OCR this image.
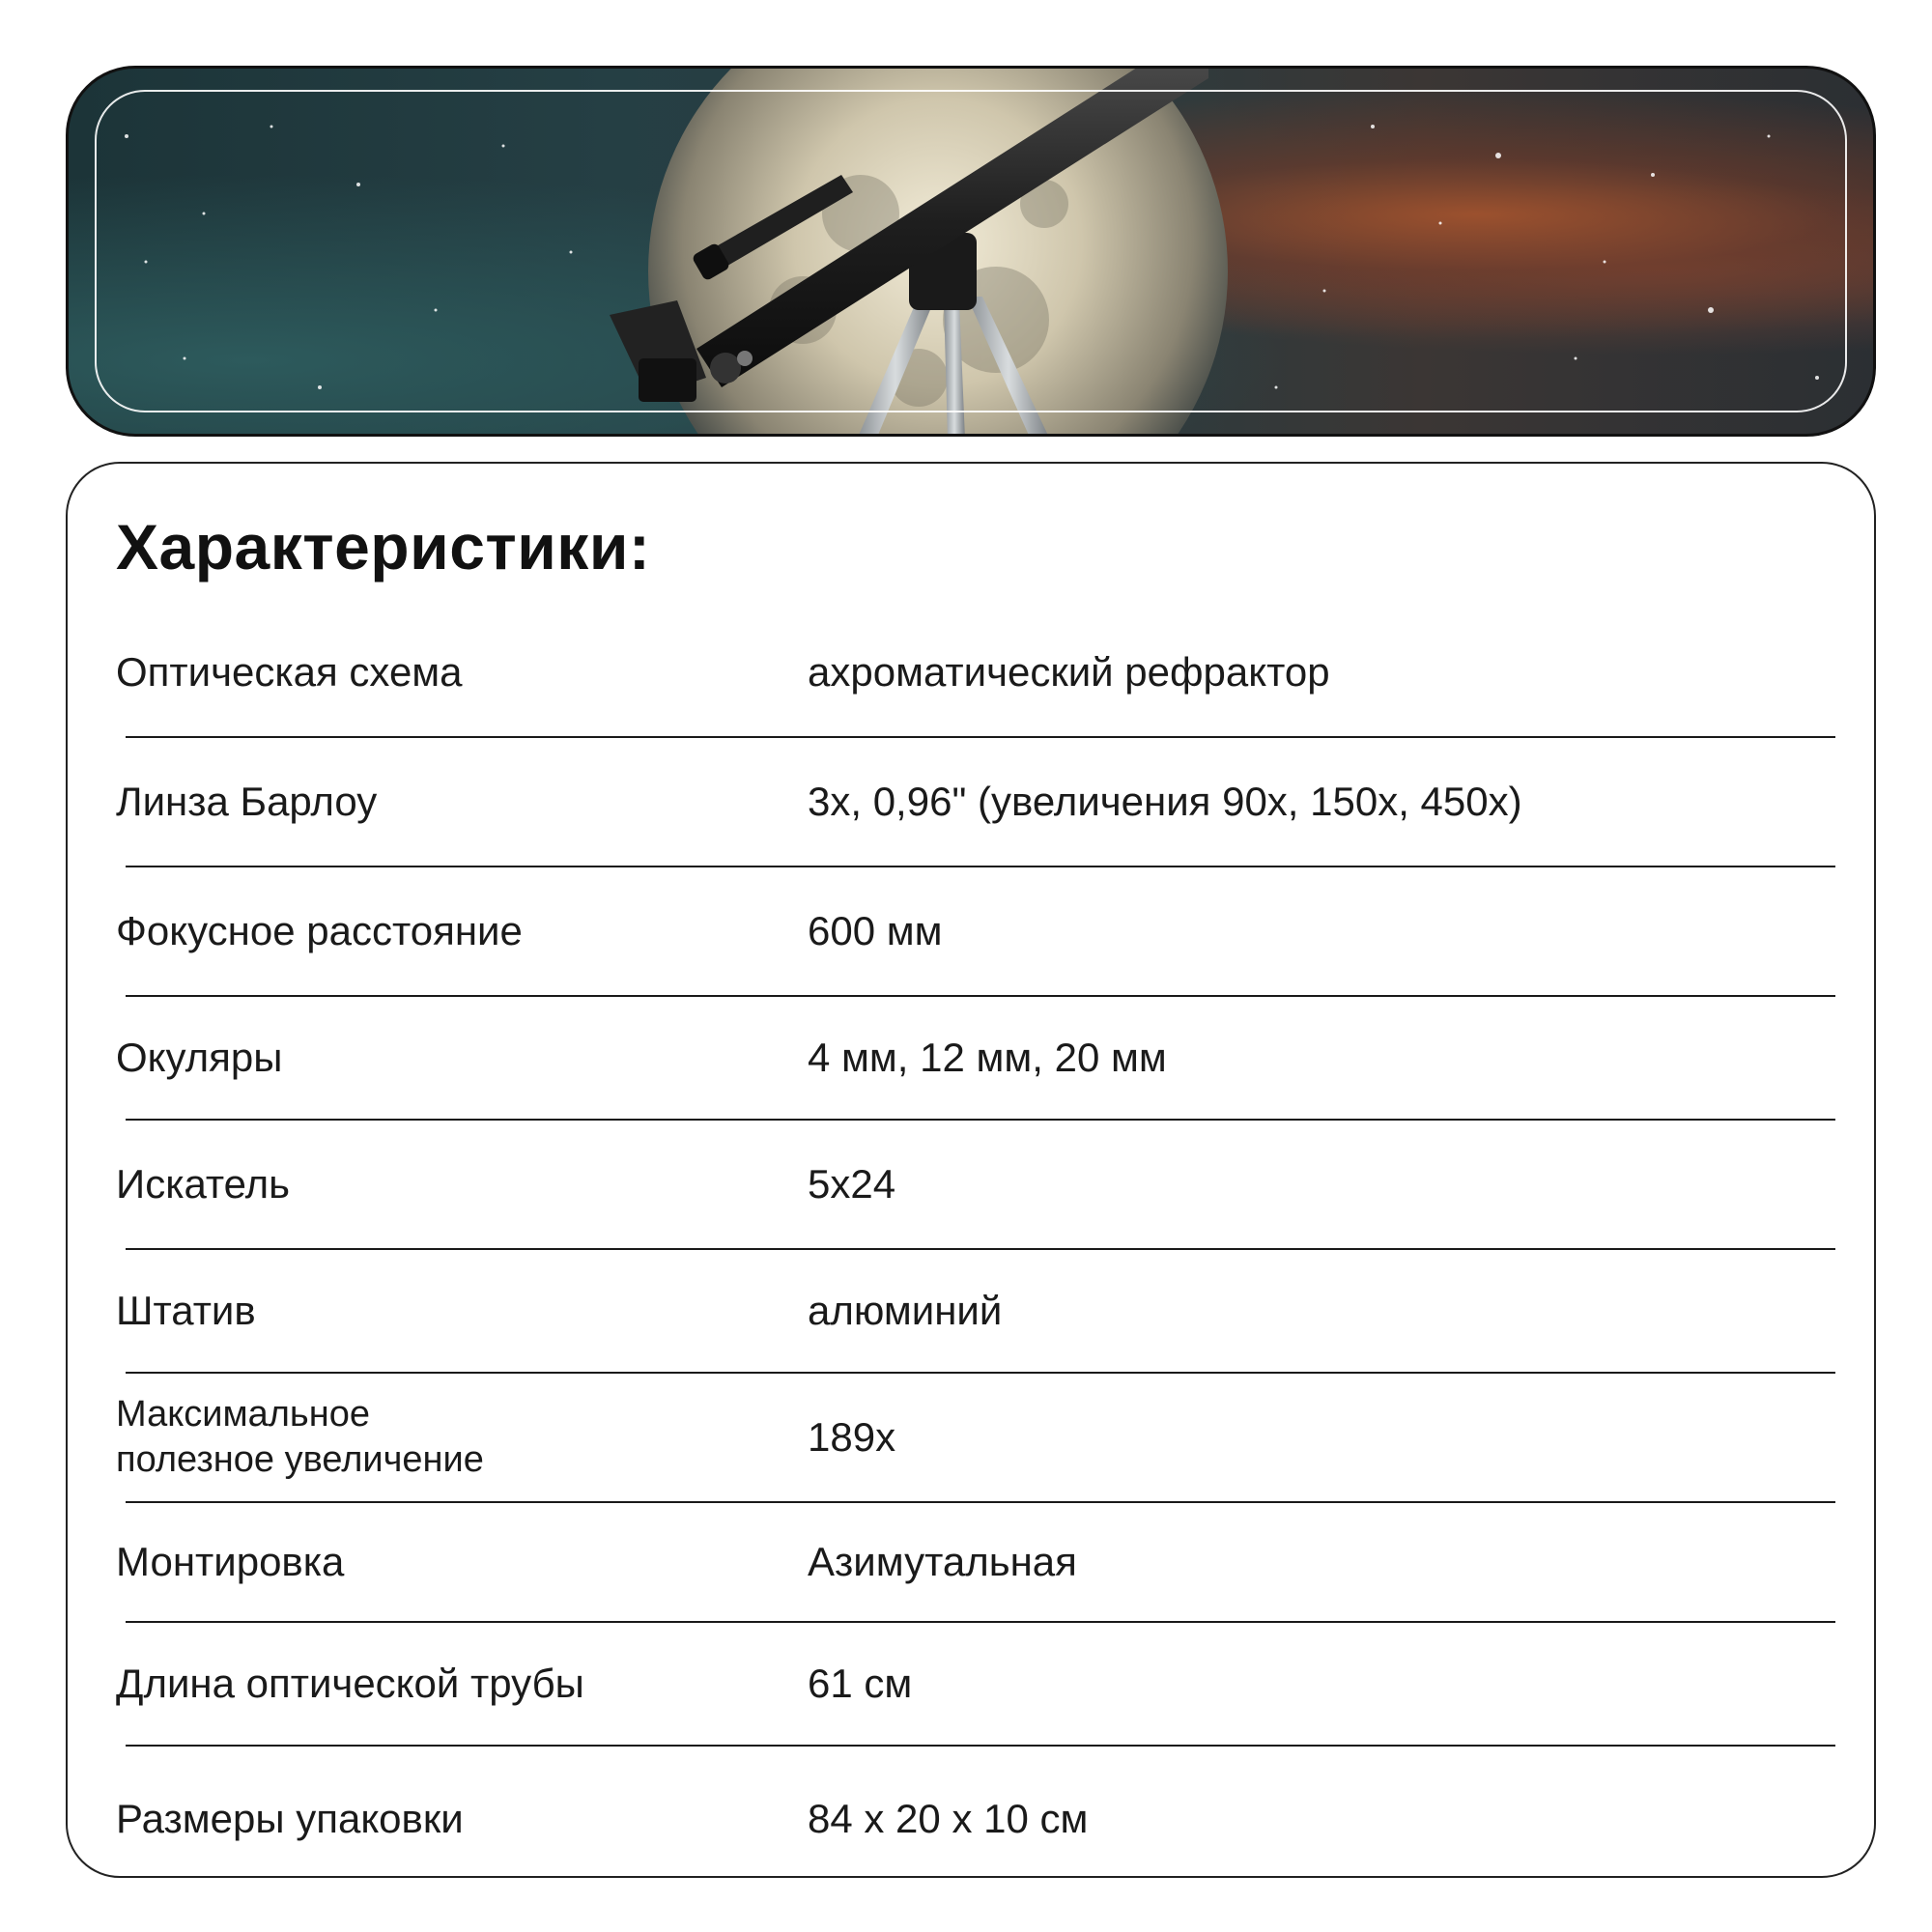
Характеристики:
Оптическая схема	ахроматический рефрактор
Линза Барлоу	3x, 0,96" (увеличения 90x, 150x, 450x)
Фокусное расстояние	600 мм
Окуляры	4 мм, 12 мм, 20 мм
Искатель	5x24
Штатив	алюминий
Максимальное полезное увеличение	189x
Монтировка	Азимутальная
Длина оптической трубы	61 см
Размеры упаковки	84 x 20 x 10 см
